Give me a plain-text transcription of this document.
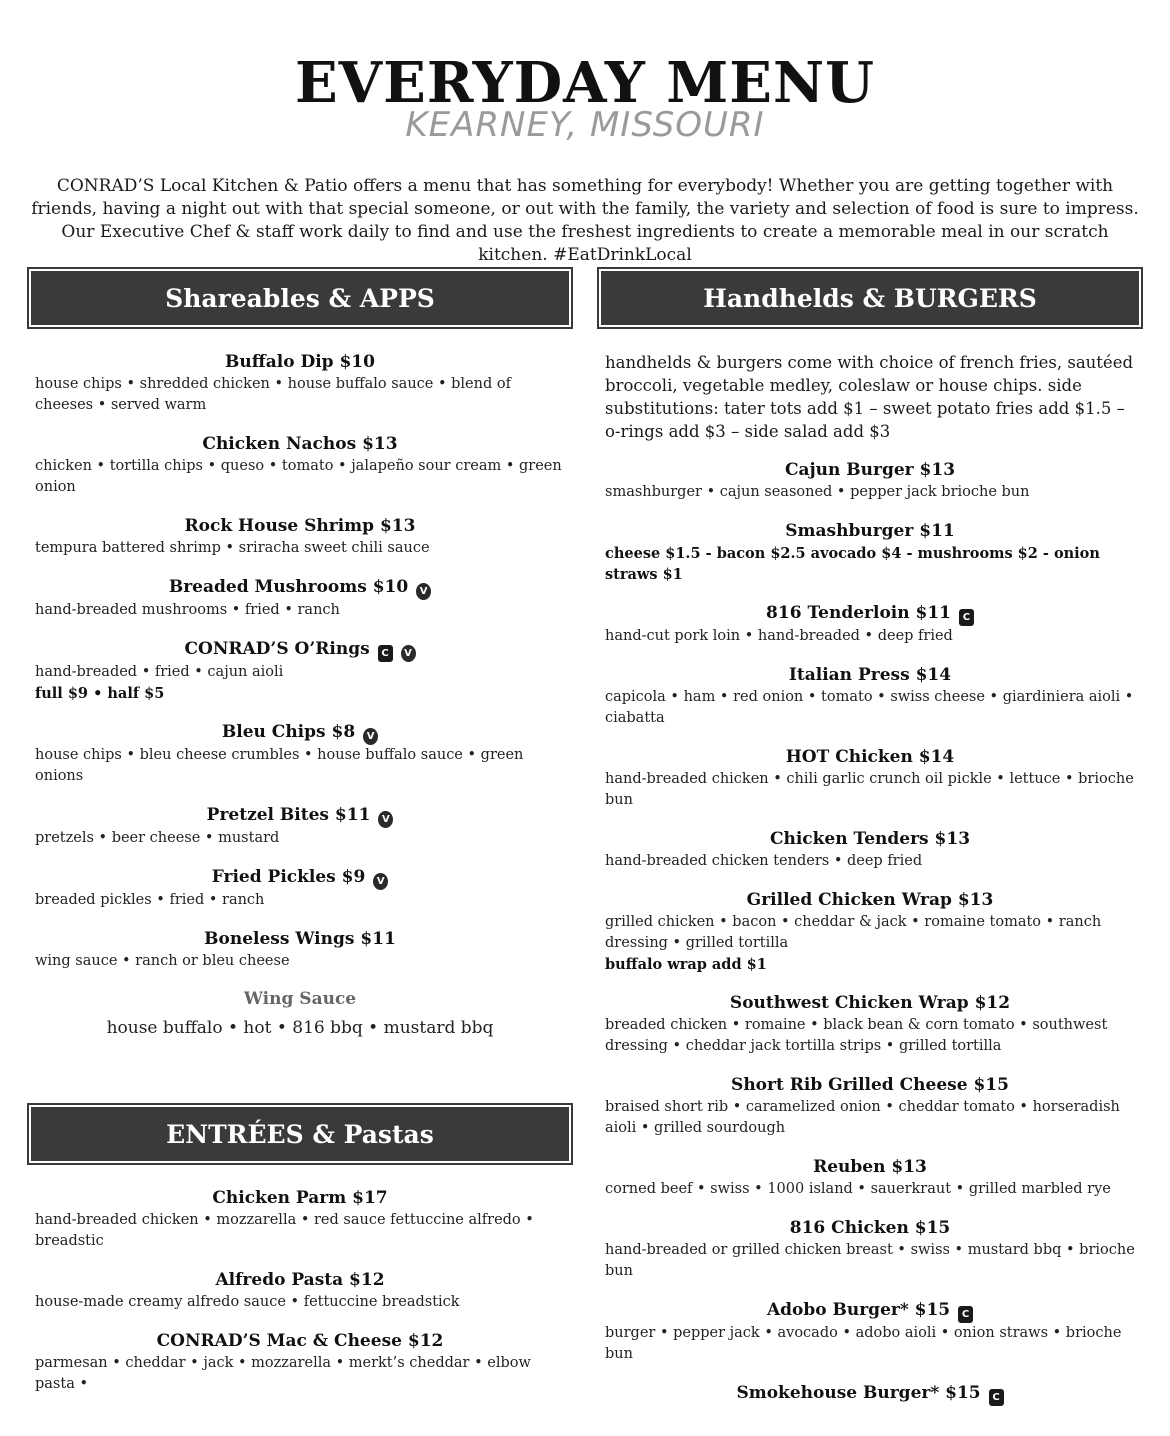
EVERYDAY MENU
KEARNEY, MISSOURI
CONRAD’S Local Kitchen & Patio offers a menu that has something for everybody! Whether you are getting together with friends, having a night out with that special someone, or out with the family, the variety and selection of food is sure to impress. Our Executive Chef & staff work daily to find and use the freshest ingredients to create a memorable meal in our scratch kitchen. #EatDrinkLocal
Shareables & APPS
Buffalo Dip $10
house chips • shredded chicken • house buffalo sauce • blend of cheeses • served warm
Chicken Nachos $13
chicken • tortilla chips • queso • tomato • jalapeño sour cream • green onion
Rock House Shrimp $13
tempura battered shrimp • sriracha sweet chili sauce
Breaded Mushrooms $10 V
hand-breaded mushrooms • fried • ranch
CONRAD’S O’Rings C V
hand-breaded • fried • cajun aioli
full $9 • half $5
Bleu Chips $8 V
house chips • bleu cheese crumbles • house buffalo sauce • green onions
Pretzel Bites $11 V
pretzels • beer cheese • mustard
Fried Pickles $9 V
breaded pickles • fried • ranch
Boneless Wings $11
wing sauce • ranch or bleu cheese
Wing Sauce
house buffalo • hot • 816 bbq • mustard bbq
ENTRÉES & Pastas
Chicken Parm $17
hand-breaded chicken • mozzarella • red sauce fettuccine alfredo • breadstic
Alfredo Pasta $12
house-made creamy alfredo sauce • fettuccine breadstick
CONRAD’S Mac & Cheese $12
parmesan • cheddar • jack • mozzarella • merkt’s cheddar • elbow pasta •
Handhelds & BURGERS
handhelds & burgers come with choice of french fries, sautéed broccoli, vegetable medley, coleslaw or house chips. side substitutions: tater tots add $1 – sweet potato fries add $1.5 – o-rings add $3 – side salad add $3
Cajun Burger $13
smashburger • cajun seasoned • pepper jack brioche bun
Smashburger $11
cheese $1.5 - bacon $2.5 avocado $4 - mushrooms $2 - onion straws $1
816 Tenderloin $11 C
hand-cut pork loin • hand-breaded • deep fried
Italian Press $14
capicola • ham • red onion • tomato • swiss cheese • giardiniera aioli • ciabatta
HOT Chicken $14
hand-breaded chicken • chili garlic crunch oil pickle • lettuce • brioche bun
Chicken Tenders $13
hand-breaded chicken tenders • deep fried
Grilled Chicken Wrap $13
grilled chicken • bacon • cheddar & jack • romaine tomato • ranch dressing • grilled tortilla
buffalo wrap add $1
Southwest Chicken Wrap $12
breaded chicken • romaine • black bean & corn tomato • southwest dressing • cheddar jack tortilla strips • grilled tortilla
Short Rib Grilled Cheese $15
braised short rib • caramelized onion • cheddar tomato • horseradish aioli • grilled sourdough
Reuben $13
corned beef • swiss • 1000 island • sauerkraut • grilled marbled rye
816 Chicken $15
hand-breaded or grilled chicken breast • swiss • mustard bbq • brioche bun
Adobo Burger* $15 C
burger • pepper jack • avocado • adobo aioli • onion straws • brioche bun
Smokehouse Burger* $15 C
